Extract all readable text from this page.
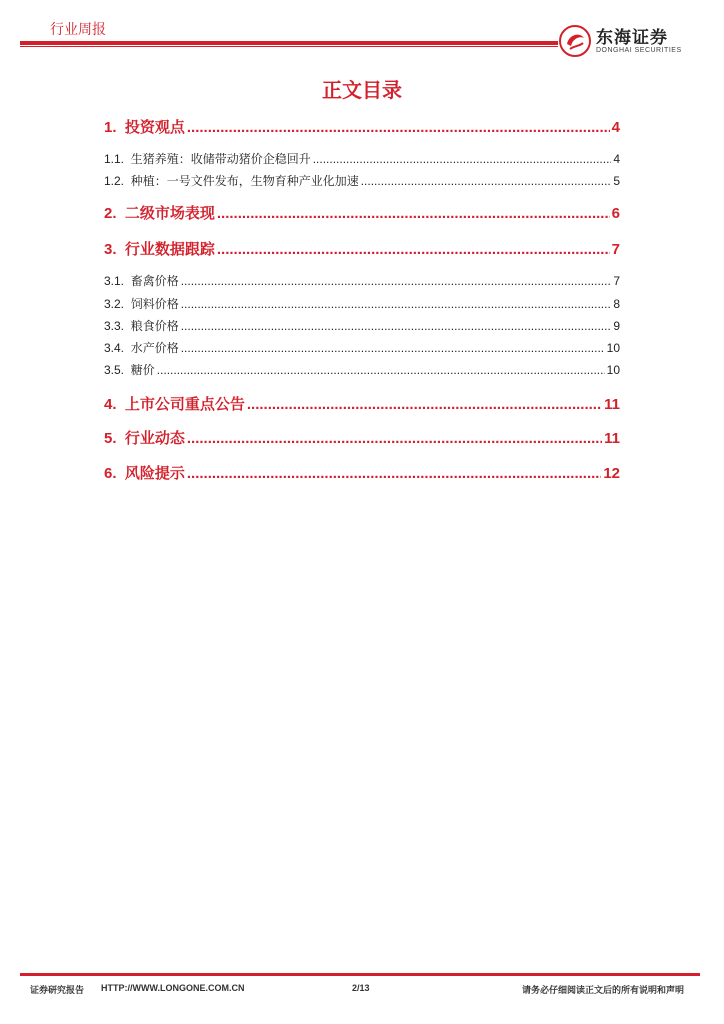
行业周报	东海证券
DONGHAI SECURITIES
正文目录
1. 投资观点 .....	4
1.1. 生猪养殖：收储带动猪价企稳回升 .....	4
1.2. 种植：一号文件发布，生物育种产业化加速 .....	5
2. 二级市场表现 .....	6
3. 行业数据跟踪 .....	7
3.1. 畜禽价格 .....	7
3.2. 饲料价格 .....	8
3.3. 粮食价格 .....	9
3.4. 水产价格 .....	10
3.5. 糖价 .....	10
4. 上市公司重点公告 .....	11
5. 行业动态 .....	11
6. 风险提示 .....	12
证券研究报告 HTTP://WWW.LONGONE.COM.CN	2/13	请务必仔细阅读正文后的所有说明和声明
